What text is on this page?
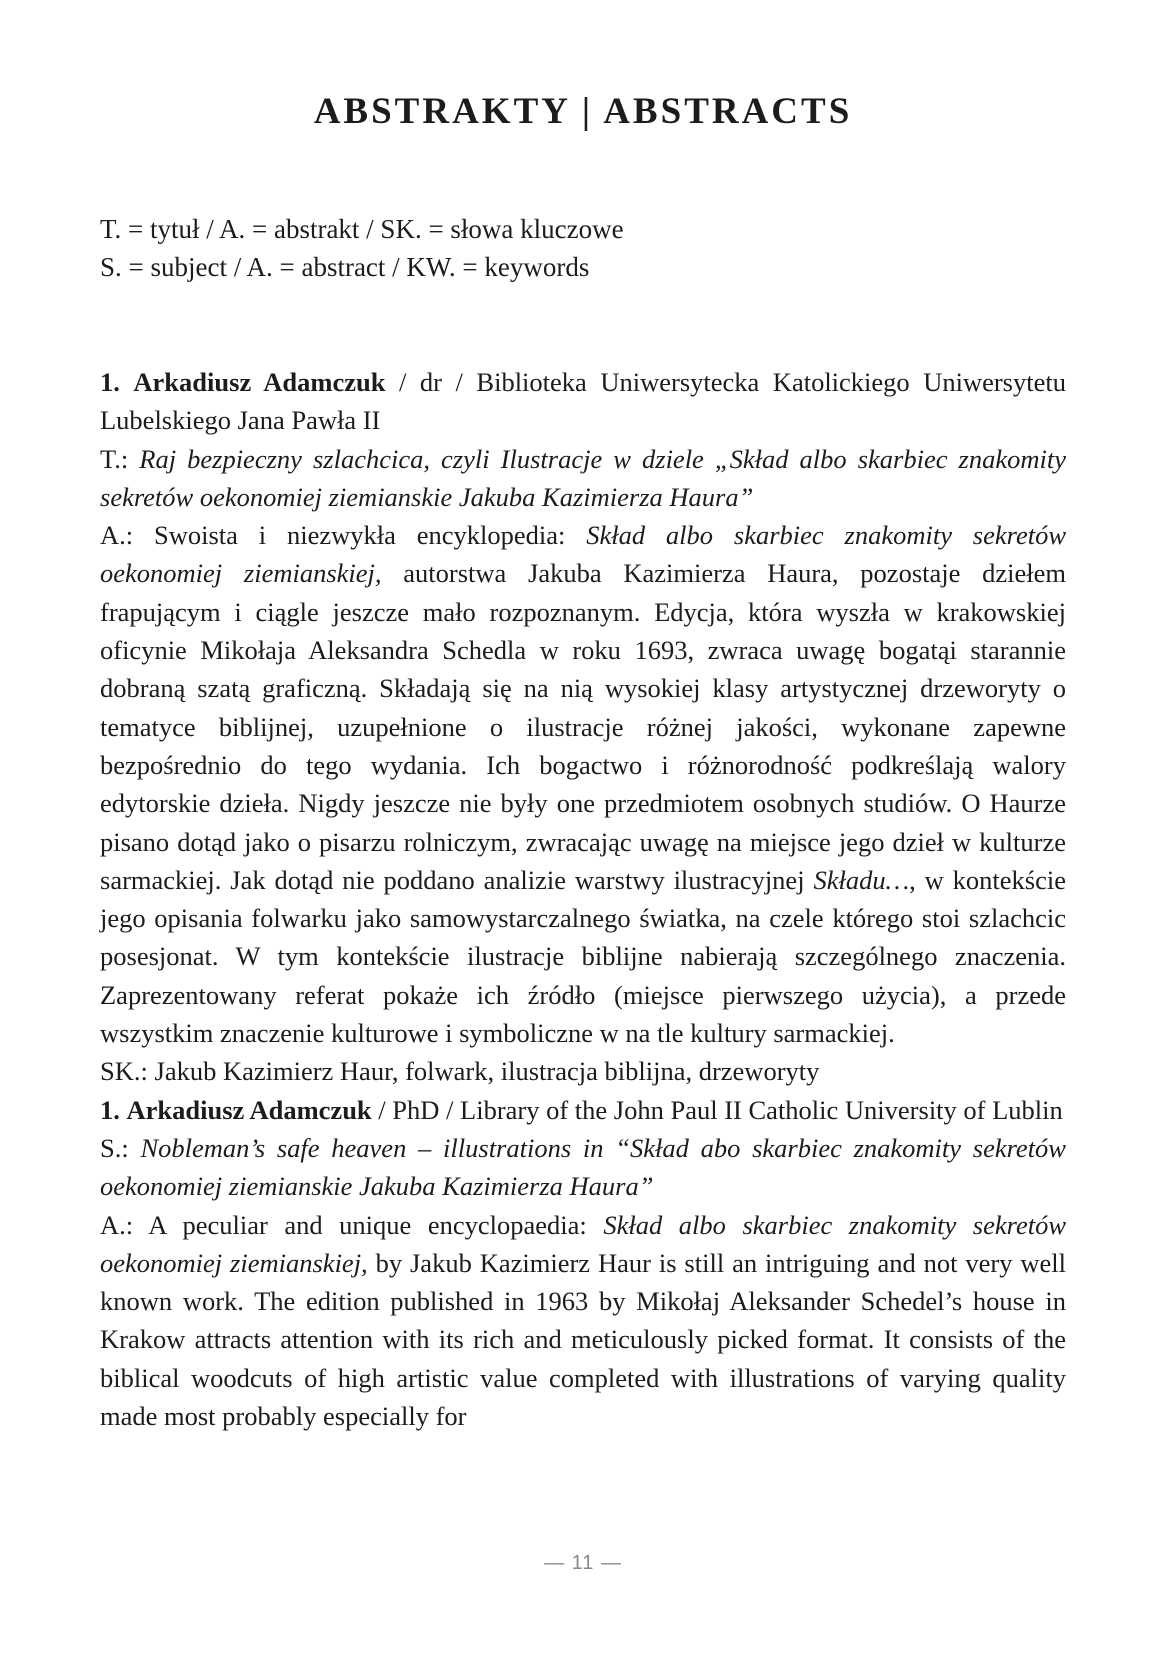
ABSTRAKTY | ABSTRACTS
T. = tytuł / A. = abstrakt / SK. = słowa kluczowe
S. = subject / A. = abstract / KW. = keywords

1. Arkadiusz Adamczuk / dr / Biblioteka Uniwersytecka Katolickiego Uniwersytetu Lubelskiego Jana Pawła II

T.: Raj bezpieczny szlachcica, czyli Ilustracje w dziele „Skład albo skarbiec znakomity sekretów oekonomiej ziemianskie Jakuba Kazimierza Haura”

A.: Swoista i niezwykła encyklopedia: Skład albo skarbiec znakomity sekretów oekonomiej ziemianskiej, autorstwa Jakuba Kazimierza Haura, pozostaje dziełem frapującym i ciągle jeszcze mało rozpoznanym. Edycja, która wyszła w krakowskiej oficynie Mikołaja Aleksandra Schedla w roku 1693, zwraca uwagę bogatąi starannie dobraną szatą graficzną. Składają się na nią wysokiej klasy artystycznej drzeworyty o tematyce biblijnej, uzupełnione o ilustracje różnej jakości, wykonane zapewne bezpośrednio do tego wydania. Ich bogactwo i różnorodność podkreślają walory edytorskie dzieła. Nigdy jeszcze nie były one przedmiotem osobnych studiów. O Haurze pisano dotąd jako o pisarzu rolniczym, zwracając uwagę na miejsce jego dzieł w kulturze sarmackiej. Jak dotąd nie poddano analizie warstwy ilustracyjnej Składu…, w kontekście jego opisania folwarku jako samowystarczalnego światka, na czele którego stoi szlachcic posesjonat. W tym kontekście ilustracje biblijne nabierają szczególnego znaczenia. Zaprezentowany referat pokaże ich źródło (miejsce pierwszego użycia), a przede wszystkim znaczenie kulturowe i symboliczne w na tle kultury sarmackiej.

SK.: Jakub Kazimierz Haur, folwark, ilustracja biblijna, drzeworyty

1. Arkadiusz Adamczuk / PhD / Library of the John Paul II Catholic University of Lublin

S.: Nobleman’s safe heaven – illustrations in “Skład abo skarbiec znakomity sekretów oekonomiej ziemianskie Jakuba Kazimierza Haura”

A.: A peculiar and unique encyclopaedia: Skład albo skarbiec znakomity sekretów oekonomiej ziemianskiej, by Jakub Kazimierz Haur is still an intriguing and not very well known work. The edition published in 1963 by Mikołaj Aleksander Schedel’s house in Krakow attracts attention with its rich and meticulously picked format. It consists of the biblical woodcuts of high artistic value completed with illustrations of varying quality made most probably especially for

— 11 —
